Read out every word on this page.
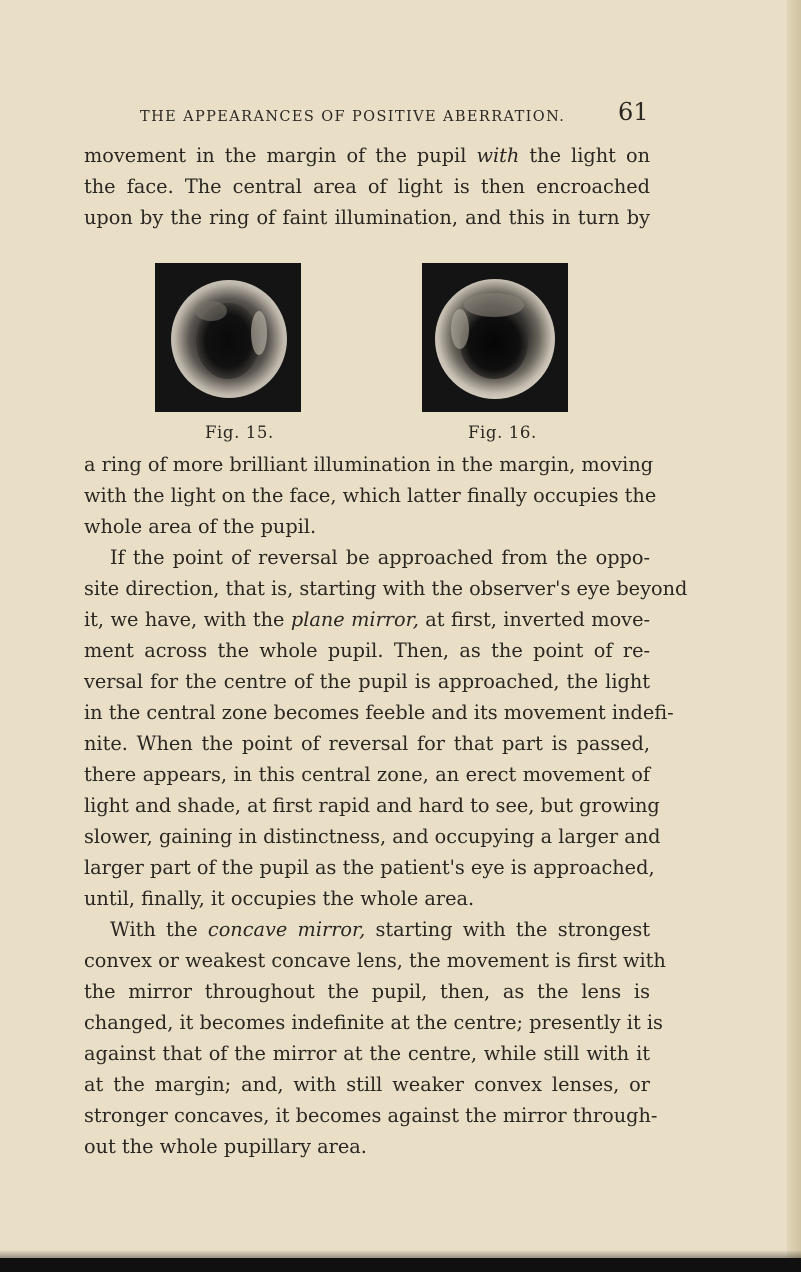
THE APPEARANCES OF POSITIVE ABERRATION.	61
movement in the margin of the pupil with the light on
the face. The central area of light is then encroached
upon by the ring of faint illumination, and this in turn by
Fig. 15.	Fig. 16.
a ring of more brilliant illumination in the margin, moving
with the light on the face, which latter finally occupies the
whole area of the pupil.
If the point of reversal be approached from the oppo-
site direction, that is, starting with the observer's eye beyond
it, we have, with the plane mirror, at first, inverted move-
ment across the whole pupil. Then, as the point of re-
versal for the centre of the pupil is approached, the light
in the central zone becomes feeble and its movement indefi-
nite. When the point of reversal for that part is passed,
there appears, in this central zone, an erect movement of
light and shade, at first rapid and hard to see, but growing
slower, gaining in distinctness, and occupying a larger and
larger part of the pupil as the patient's eye is approached,
until, finally, it occupies the whole area.
With the concave mirror, starting with the strongest
convex or weakest concave lens, the movement is first with
the mirror throughout the pupil, then, as the lens is
changed, it becomes indefinite at the centre; presently it is
against that of the mirror at the centre, while still with it
at the margin; and, with still weaker convex lenses, or
stronger concaves, it becomes against the mirror through-
out the whole pupillary area.
